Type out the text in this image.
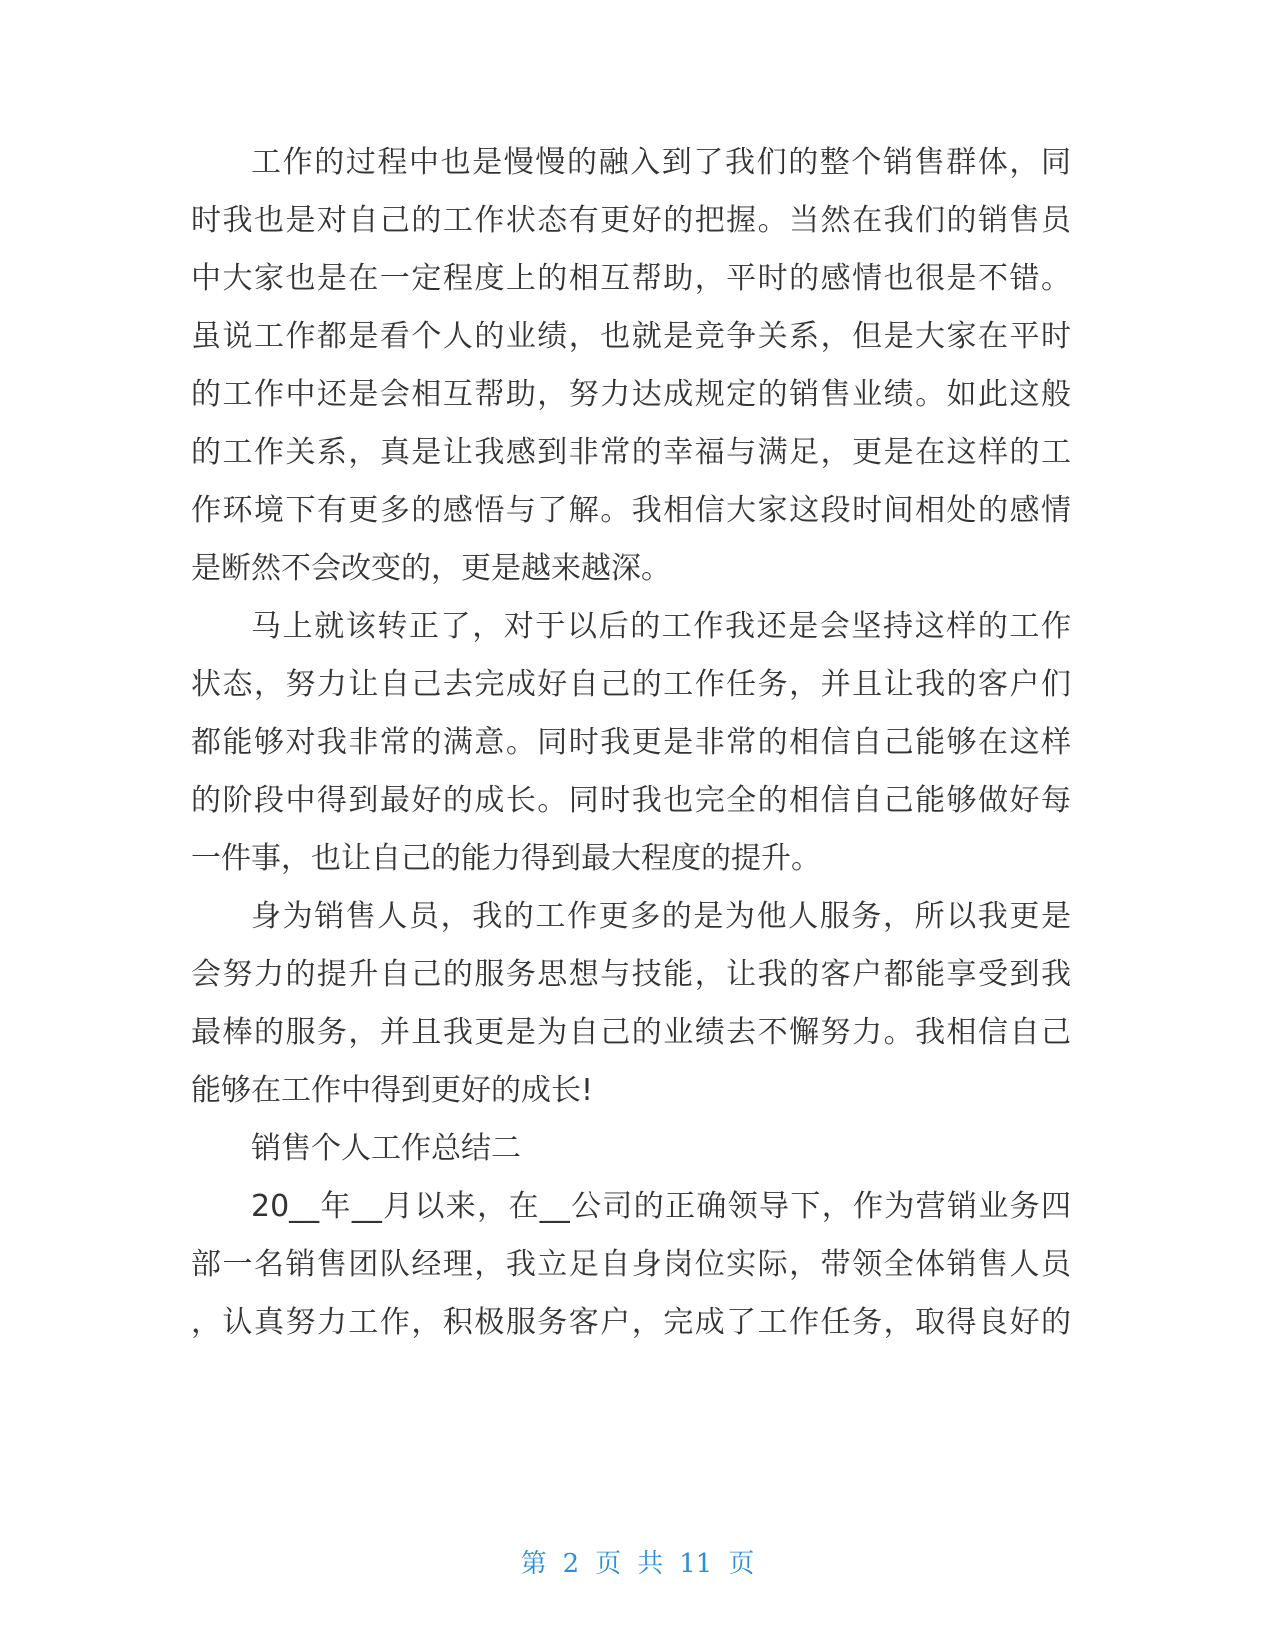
工作的过程中也是慢慢的融入到了我们的整个销售群体，同

时我也是对自己的工作状态有更好的把握。当然在我们的销售员

中大家也是在一定程度上的相互帮助，平时的感情也很是不错。

虽说工作都是看个人的业绩，也就是竞争关系，但是大家在平时

的工作中还是会相互帮助，努力达成规定的销售业绩。如此这般

的工作关系，真是让我感到非常的幸福与满足，更是在这样的工

作环境下有更多的感悟与了解。我相信大家这段时间相处的感情

是断然不会改变的，更是越来越深。

马上就该转正了，对于以后的工作我还是会坚持这样的工作

状态，努力让自己去完成好自己的工作任务，并且让我的客户们

都能够对我非常的满意。同时我更是非常的相信自己能够在这样

的阶段中得到最好的成长。同时我也完全的相信自己能够做好每

一件事，也让自己的能力得到最大程度的提升。

身为销售人员，我的工作更多的是为他人服务，所以我更是

会努力的提升自己的服务思想与技能，让我的客户都能享受到我

最棒的服务，并且我更是为自己的业绩去不懈努力。我相信自己

能够在工作中得到更好的成长!

销售个人工作总结二

20__年__月以来，在__公司的正确领导下，作为营销业务四

部一名销售团队经理，我立足自身岗位实际，带领全体销售人员

，认真努力工作，积极服务客户，完成了工作任务，取得良好的

第 2 页 共 11 页
